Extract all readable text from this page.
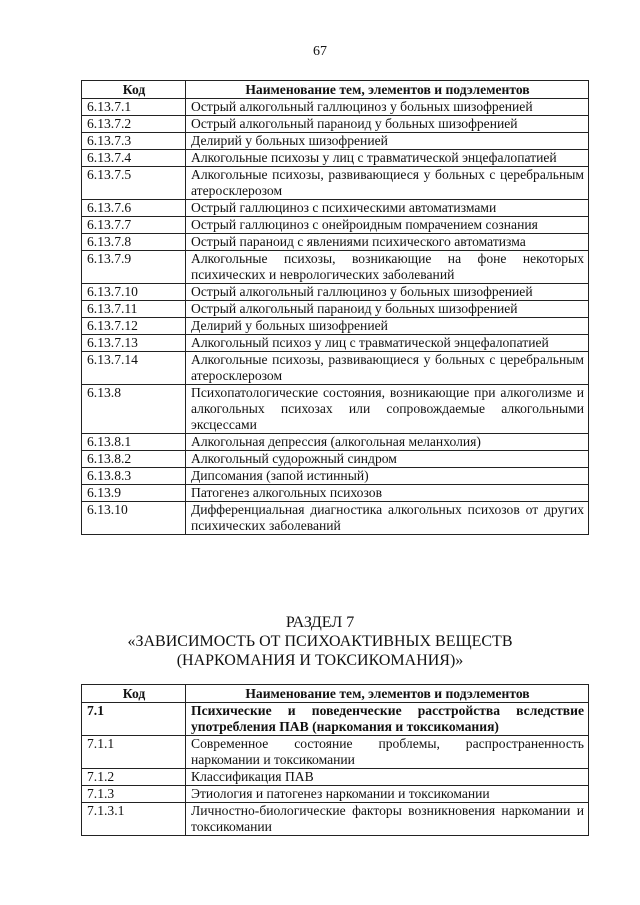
67
Код	Наименование тем, элементов и подэлементов
6.13.7.1	Острый алкогольный галлюциноз у больных шизофренией
6.13.7.2	Острый алкогольный параноид у больных шизофренией
6.13.7.3	Делирий у больных шизофренией
6.13.7.4	Алкогольные психозы у лиц с травматической энцефалопатией
6.13.7.5	Алкогольные психозы, развивающиеся у больных с церебральным атеросклерозом
6.13.7.6	Острый галлюциноз с психическими автоматизмами
6.13.7.7	Острый галлюциноз с онейроидным помрачением сознания
6.13.7.8	Острый параноид с явлениями психического автоматизма
6.13.7.9	Алкогольные психозы, возникающие на фоне некоторых психических и неврологических заболеваний
6.13.7.10	Острый алкогольный галлюциноз у больных шизофренией
6.13.7.11	Острый алкогольный параноид у больных шизофренией
6.13.7.12	Делирий у больных шизофренией
6.13.7.13	Алкогольный психоз у лиц с травматической энцефалопатией
6.13.7.14	Алкогольные психозы, развивающиеся у больных с церебральным атеросклерозом
6.13.8	Психопатологические состояния, возникающие при алкоголизме и алкогольных психозах или сопровождаемые алкогольными эксцессами
6.13.8.1	Алкогольная депрессия (алкогольная меланхолия)
6.13.8.2	Алкогольный судорожный синдром
6.13.8.3	Дипсомания (запой истинный)
6.13.9	Патогенез алкогольных психозов
6.13.10	Дифференциальная диагностика алкогольных психозов от других психических заболеваний
РАЗДЕЛ 7
«ЗАВИСИМОСТЬ ОТ ПСИХОАКТИВНЫХ ВЕЩЕСТВ
(НАРКОМАНИЯ И ТОКСИКОМАНИЯ)»
Код	Наименование тем, элементов и подэлементов
7.1	Психические и поведенческие расстройства вследствие употребления ПАВ (наркомания и токсикомания)
7.1.1	Современное состояние проблемы, распространенность наркомании и токсикомании
7.1.2	Классификация ПАВ
7.1.3	Этиология и патогенез наркомании и токсикомании
7.1.3.1	Личностно-биологические факторы возникновения наркомании и токсикомании
